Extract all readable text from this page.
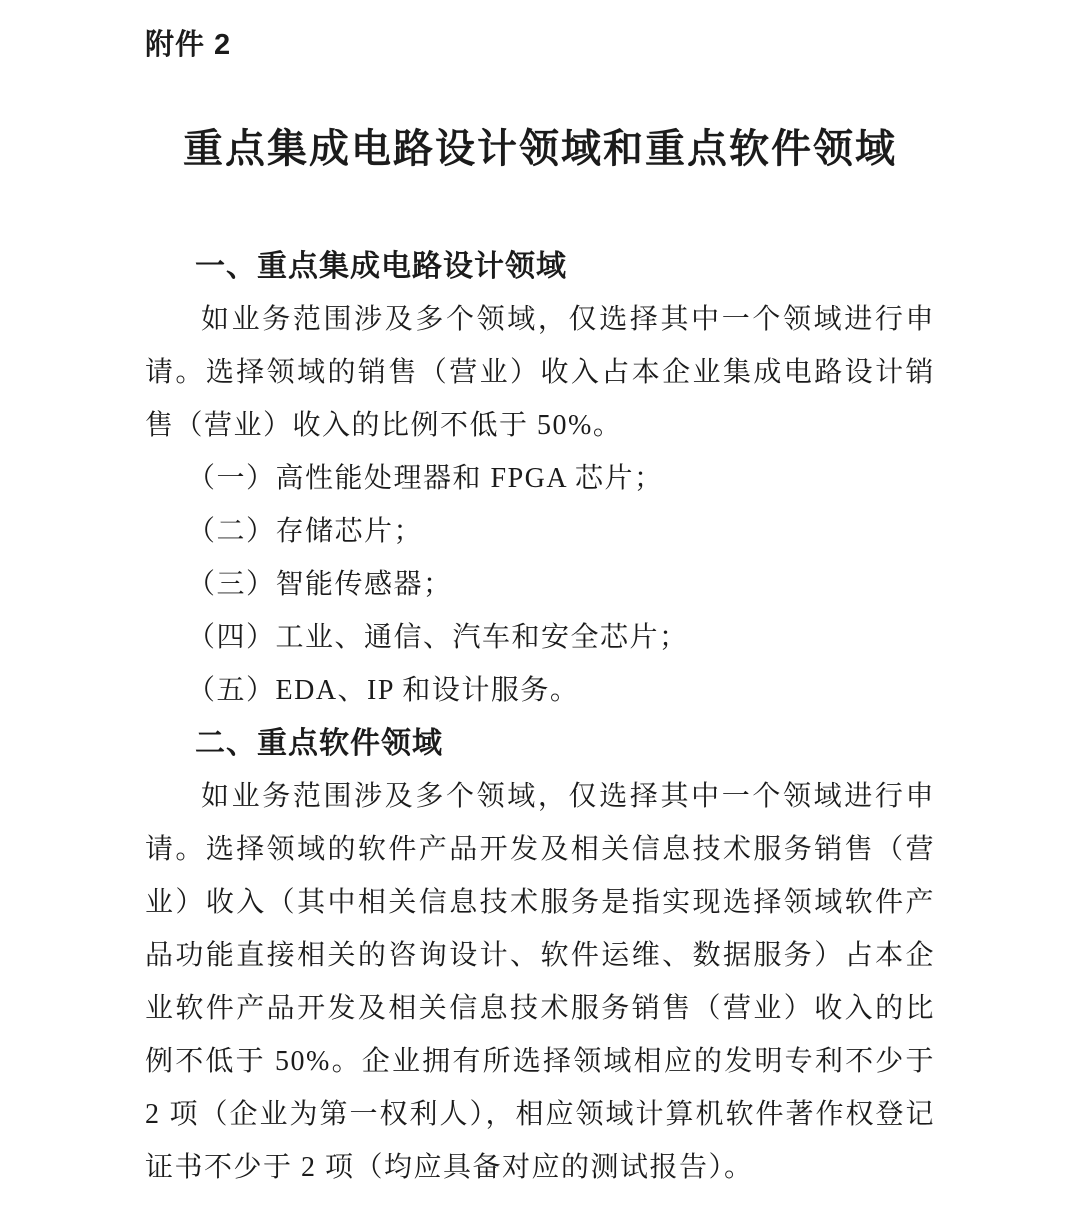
附件 2
重点集成电路设计领域和重点软件领域
一、重点集成电路设计领域

如业务范围涉及多个领域，仅选择其中一个领域进行申请。选择领域的销售（营业）收入占本企业集成电路设计销售（营业）收入的比例不低于 50%。

（一）高性能处理器和 FPGA 芯片；

（二）存储芯片；

（三）智能传感器；

（四）工业、通信、汽车和安全芯片；

（五）EDA、IP 和设计服务。

二、重点软件领域

如业务范围涉及多个领域，仅选择其中一个领域进行申请。选择领域的软件产品开发及相关信息技术服务销售（营业）收入（其中相关信息技术服务是指实现选择领域软件产品功能直接相关的咨询设计、软件运维、数据服务）占本企业软件产品开发及相关信息技术服务销售（营业）收入的比例不低于 50%。企业拥有所选择领域相应的发明专利不少于 2 项（企业为第一权利人），相应领域计算机软件著作权登记证书不少于 2 项（均应具备对应的测试报告）。
